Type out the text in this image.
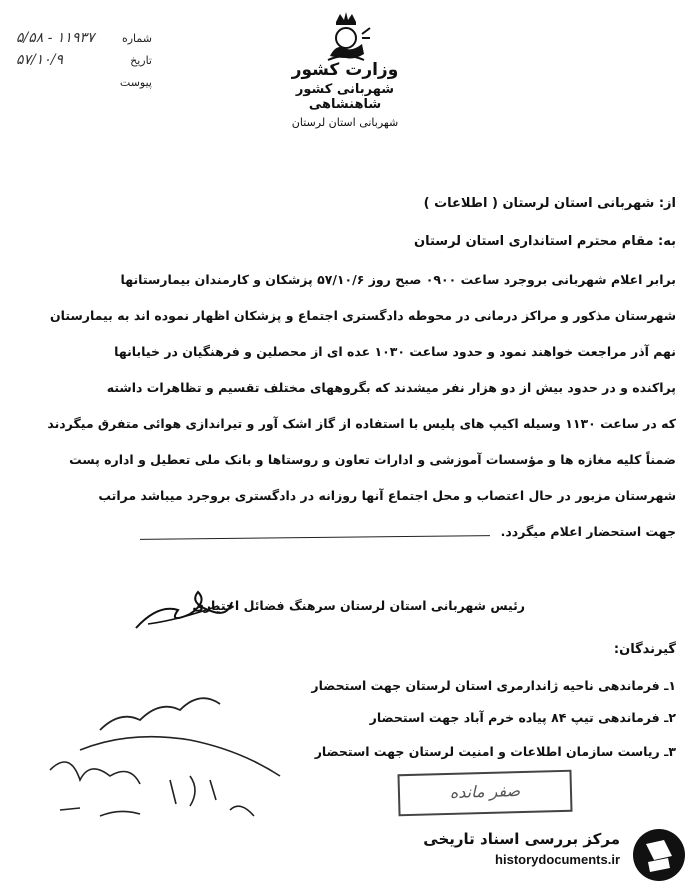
وزارت کشور
شهربانی کشور شاهنشاهی
شهربانی استان لرستان
۵/۵۸ - ۱۱۹۳۷ شماره
۵۷/۱۰/۹	تاریخ
پیوست
از: شهربانی استان لرستان ( اطلاعات )
به: مقام محترم استانداری استان لرستان

برابر اعلام شهربانی بروجرد ساعت ۰۹۰۰ صبح روز ۵۷/۱۰/۶ پزشکان و کارمندان بیمارستانها

شهرستان مذکور و مراکز درمانی در محوطه دادگستری اجتماع و پزشکان اظهار نموده اند به بیمارستان

نهم آذر مراجعت خواهند نمود و حدود ساعت ۱۰۳۰ عده ای از محصلین و فرهنگیان در خیابانها

پراکنده و در حدود بیش از دو هزار نفر میشدند که بگروههای مختلف تقسیم و تظاهرات داشته

که در ساعت ۱۱۳۰ وسیله اکیپ های پلیس با استفاده از گاز اشک آور و تیراندازی هوائی متفرق میگردند

ضمناً کلیه مغازه ها و مؤسسات آموزشی و ادارات تعاون و روستاها و بانک ملی تعطیل و اداره پست

شهرستان مزبور در حال اعتصاب و محل اجتماع آنها روزانه در دادگستری بروجرد میباشد مراتب

جهت استحضار اعلام میگردد.

رئیس شهربانی استان لرستان سرهنگ فضائل اختیاری
گیرندگان:
۱ـ فرماندهی ناحیه ژاندارمری استان لرستان جهت استحضار
۲ـ فرماندهی تیپ ۸۴ پیاده خرم آباد جهت استحضار
۳ـ ریاست سازمان اطلاعات و امنیت لرستان جهت استحضار
صفر مانده
مرکز بررسی اسناد تاریخی
historydocuments.ir
